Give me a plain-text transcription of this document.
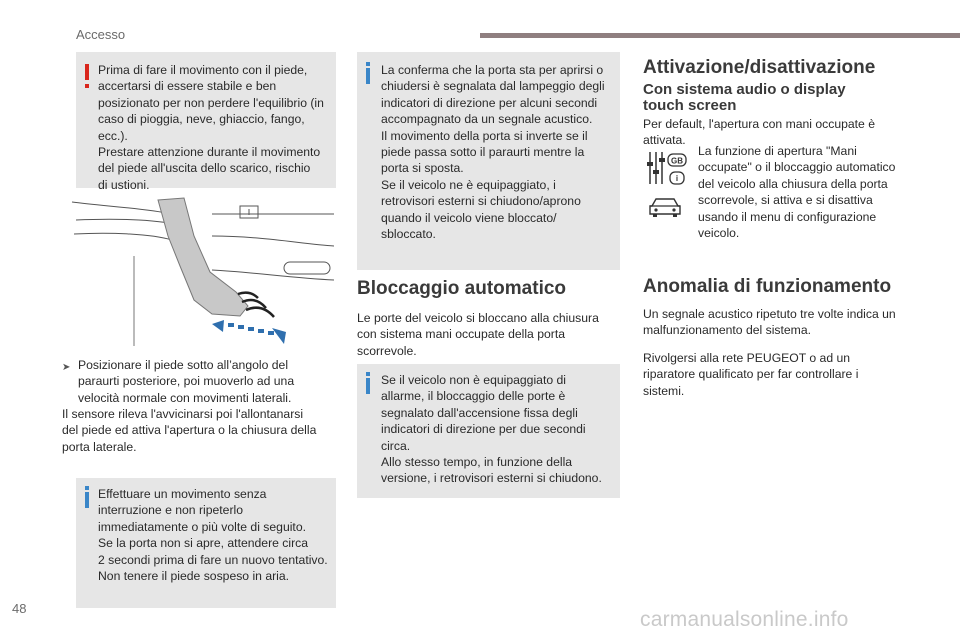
Accesso
Prima di fare il movimento con il piede,
accertarsi di essere stabile e ben
posizionato per non perdere l'equilibrio (in
caso di pioggia, neve, ghiaccio, fango, ecc.).
Prestare attenzione durante il movimento
del piede all'uscita dello scarico, rischio
di ustioni.
➤ Posizionare il piede sotto all’angolo del
paraurti posteriore, poi muoverlo ad una
velocità normale con movimenti laterali.
Il sensore rileva l'avvicinarsi poi l'allontanarsi
del piede ed attiva l'apertura o la chiusura della
porta laterale.
Effettuare un movimento senza
interruzione e non ripeterlo
immediatamente o più volte di seguito.
Se la porta non si apre, attendere circa
2 secondi prima di fare un nuovo tentativo.
Non tenere il piede sospeso in aria.
La conferma che la porta sta per aprirsi o
chiudersi è segnalata dal lampeggio degli
indicatori di direzione per alcuni secondi
accompagnato da un segnale acustico.
Il movimento della porta si inverte se il
piede passa sotto il paraurti mentre la
porta si sposta.
Se il veicolo ne è equipaggiato, i
retrovisori esterni si chiudono/aprono
quando il veicolo viene bloccato/
sbloccato.
Bloccaggio automatico
Le porte del veicolo si bloccano alla chiusura
con sistema mani occupate della porta
scorrevole.
Se il veicolo non è equipaggiato di
allarme, il bloccaggio delle porte è
segnalato dall'accensione fissa degli
indicatori di direzione per due secondi
circa.
Allo stesso tempo, in funzione della
versione, i retrovisori esterni si chiudono.
Attivazione/disattivazione
Con sistema audio o display
touch screen
Per default, l'apertura con mani occupate è
attivata.
GB
i
La funzione di apertura "Mani
occupate" o il bloccaggio automatico
del veicolo alla chiusura della porta
scorrevole, si attiva e si disattiva
usando il menu di configurazione
veicolo.
Anomalia di funzionamento
Un segnale acustico ripetuto tre volte indica un
malfunzionamento del sistema.
Rivolgersi alla rete PEUGEOT o ad un
riparatore qualificato per far controllare i
sistemi.
48	carmanualsonline.info
